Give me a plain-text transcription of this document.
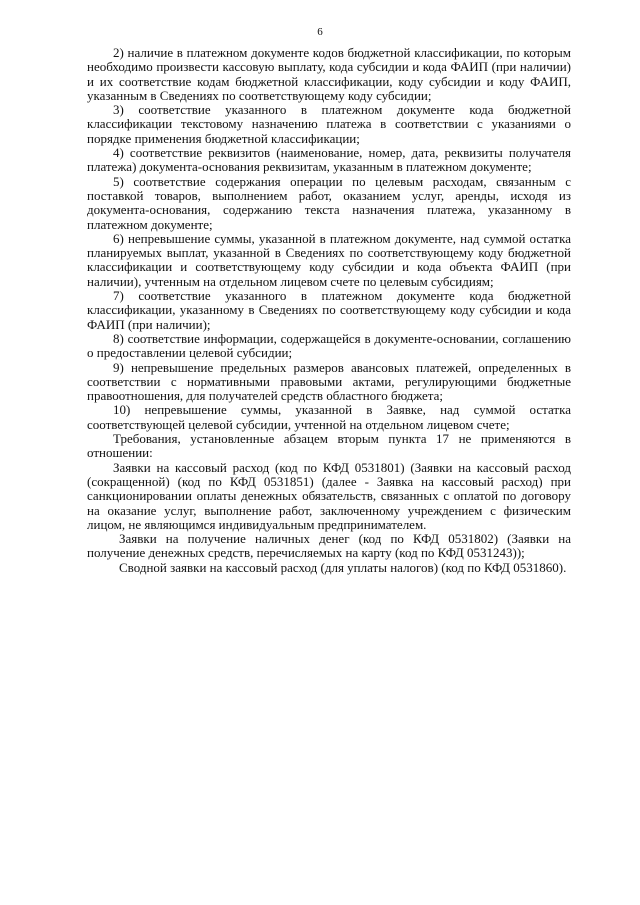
6

2) наличие в платежном документе кодов бюджетной классификации, по которым необходимо произвести кассовую выплату, кода субсидии и кода ФАИП (при наличии) и их соответствие кодам бюджетной классификации, коду субсидии и коду ФАИП, указанным в Сведениях по соответствующему коду субсидии;

3) соответствие указанного в платежном документе кода бюджетной классификации текстовому назначению платежа в соответствии с указаниями о порядке применения бюджетной классификации;

4) соответствие реквизитов (наименование, номер, дата, реквизиты получателя платежа) документа-основания реквизитам, указанным в платежном документе;

5) соответствие содержания операции по целевым расходам, связанным с поставкой товаров, выполнением работ, оказанием услуг, аренды, исходя из документа-основания, содержанию текста назначения платежа, указанному в платежном документе;

6) непревышение суммы, указанной в платежном документе, над суммой остатка планируемых выплат, указанной в Сведениях по соответствующему коду бюджетной классификации и соответствующему коду субсидии и кода объекта ФАИП (при наличии), учтенным на отдельном лицевом счете по целевым субсидиям;

7) соответствие указанного в платежном документе кода бюджетной классификации, указанному в Сведениях по соответствующему коду субсидии и кода ФАИП (при наличии);

8) соответствие информации, содержащейся в документе-основании, соглашению о предоставлении целевой субсидии;

9) непревышение предельных размеров авансовых платежей, определенных в соответствии с нормативными правовыми актами, регулирующими бюджетные правоотношения, для получателей средств областного бюджета;

10) непревышение суммы, указанной в Заявке, над суммой остатка соответствующей целевой субсидии, учтенной на отдельном лицевом счете;

Требования, установленные абзацем вторым пункта 17 не применяются в отношении:

Заявки на кассовый расход (код по КФД 0531801) (Заявки на кассовый расход (сокращенной) (код по КФД 0531851) (далее - Заявка на кассовый расход) при санкционировании оплаты денежных обязательств, связанных с оплатой по договору на оказание услуг, выполнение работ, заключенному учреждением с физическим лицом, не являющимся индивидуальным предпринимателем.

Заявки на получение наличных денег (код по КФД 0531802) (Заявки на получение денежных средств, перечисляемых на карту (код по КФД 0531243));

Сводной заявки на кассовый расход (для уплаты налогов) (код по КФД 0531860).
